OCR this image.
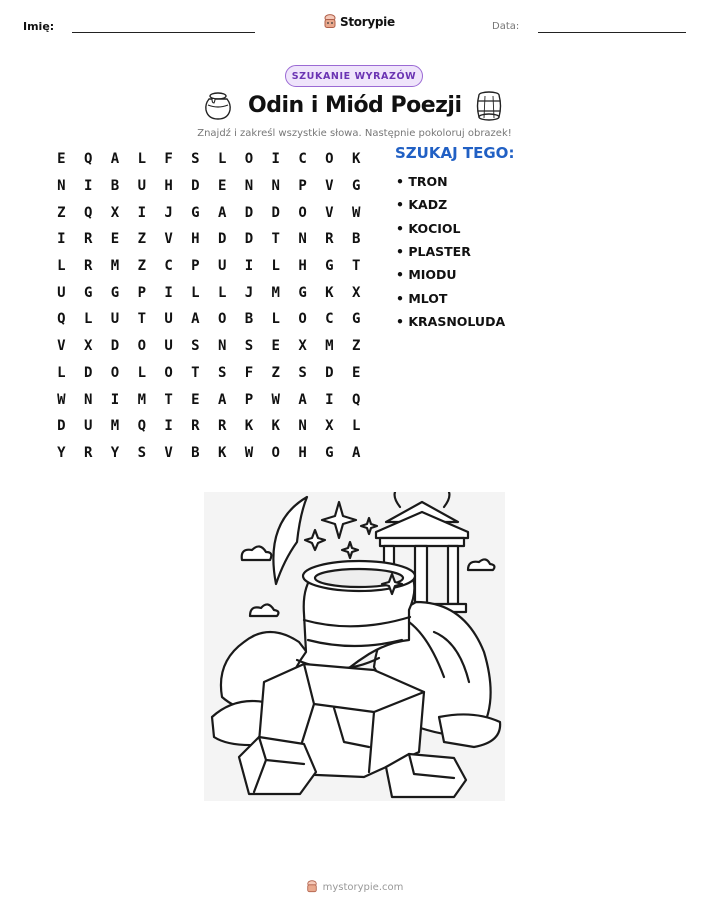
Imię:	Storypie	Data:
SZUKANIE WYRAZÓW
Odin i Miód Poezji
Znajdź i zakreśl wszystkie słowa. Następnie pokoloruj obrazek!
E	Q	A	L	F	S	L	O	I	C	O	K
N	I	B	U	H	D	E	N	N	P	V	G
Z	Q	X	I	J	G	A	D	D	O	V	W
I	R	E	Z	V	H	D	D	T	N	R	B
L	R	M	Z	C	P	U	I	L	H	G	T
U	G	G	P	I	L	L	J	M	G	K	X
Q	L	U	T	U	A	O	B	L	O	C	G
V	X	D	O	U	S	N	S	E	X	M	Z
L	D	O	L	O	T	S	F	Z	S	D	E
W	N	I	M	T	E	A	P	W	A	I	Q
D	U	M	Q	I	R	R	K	K	N	X	L
Y	R	Y	S	V	B	K	W	O	H	G	A
SZUKAJ TEGO:
• TRON
• KADZ
• KOCIOL
• PLASTER
• MIODU
• MLOT
• KRASNOLUDA
mystorypie.com
